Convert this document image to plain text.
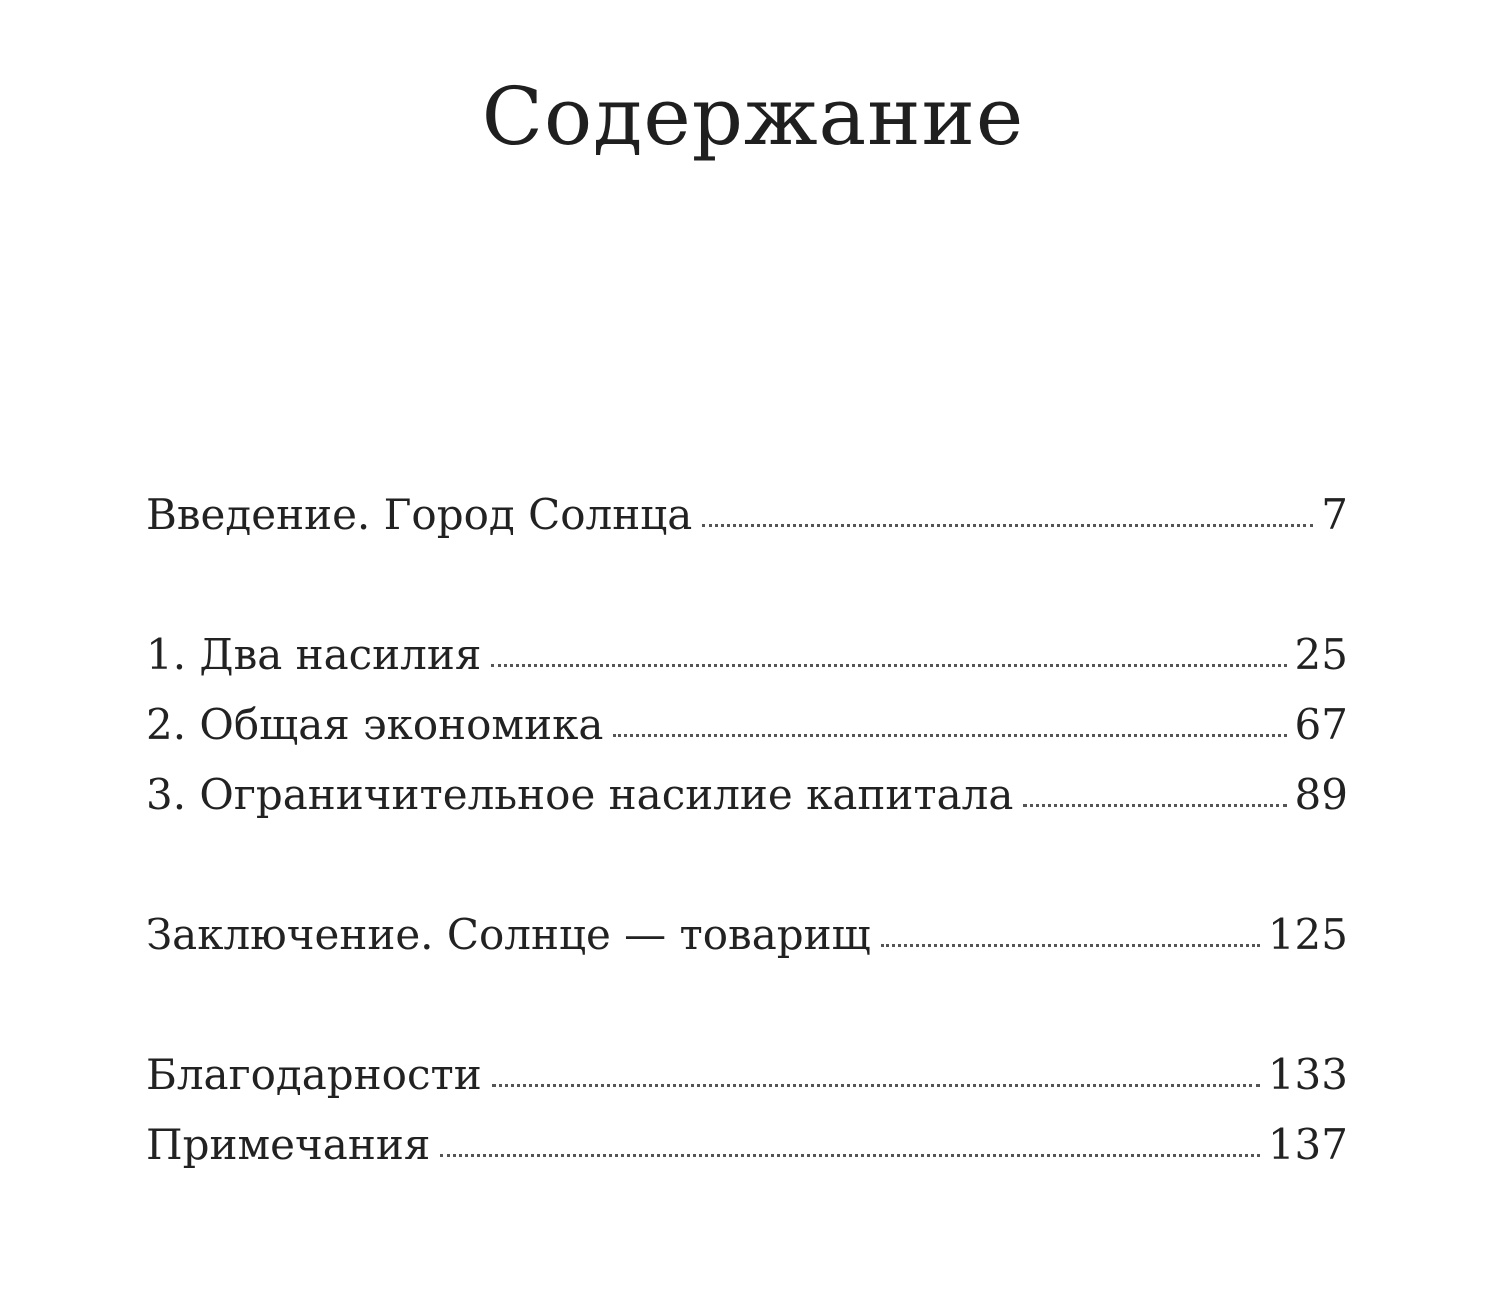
Содержание
Введение. Город Солнца	7
1. Два насилия	25
2. Общая экономика	67
3. Ограничительное насилие капитала	89
Заключение. Солнце — товарищ	125
Благодарности	133
Примечания	137
